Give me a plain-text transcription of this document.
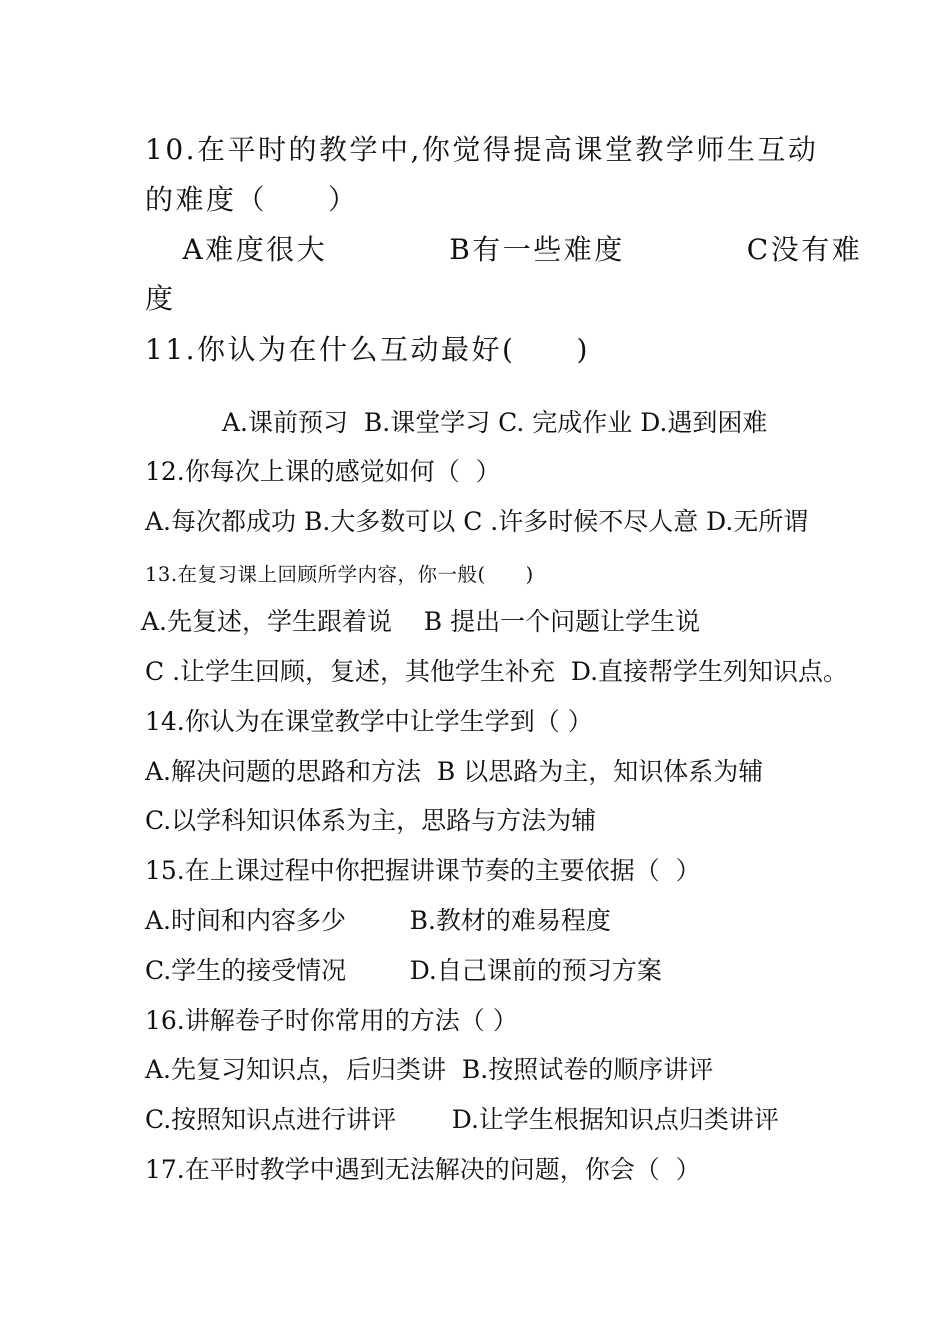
10.在平时的教学中,你觉得提高课堂教学师生互动
的难度（　　）
　A难度很大　　　　B有一些难度　　　　C没有难
度
11.你认为在什么互动最好(　　)
A.课前预习  B.课堂学习 C. 完成作业 D.遇到困难
12.你每次上课的感觉如何（  ）
A.每次都成功 B.大多数可以 C .许多时候不尽人意 D.无所谓
13.在复习课上回顾所学内容，你一般(　　)
A.先复述，学生跟着说    B 提出一个问题让学生说
C .让学生回顾，复述，其他学生补充  D.直接帮学生列知识点。
14.你认为在课堂教学中让学生学到（ ）
A.解决问题的思路和方法  B 以思路为主，知识体系为辅
C.以学科知识体系为主，思路与方法为辅
15.在上课过程中你把握讲课节奏的主要依据（  ）
A.时间和内容多少        B.教材的难易程度
C.学生的接受情况        D.自己课前的预习方案
16.讲解卷子时你常用的方法（ ）
A.先复习知识点，后归类讲  B.按照试卷的顺序讲评
C.按照知识点进行讲评       D.让学生根据知识点归类讲评
17.在平时教学中遇到无法解决的问题，你会（  ）
